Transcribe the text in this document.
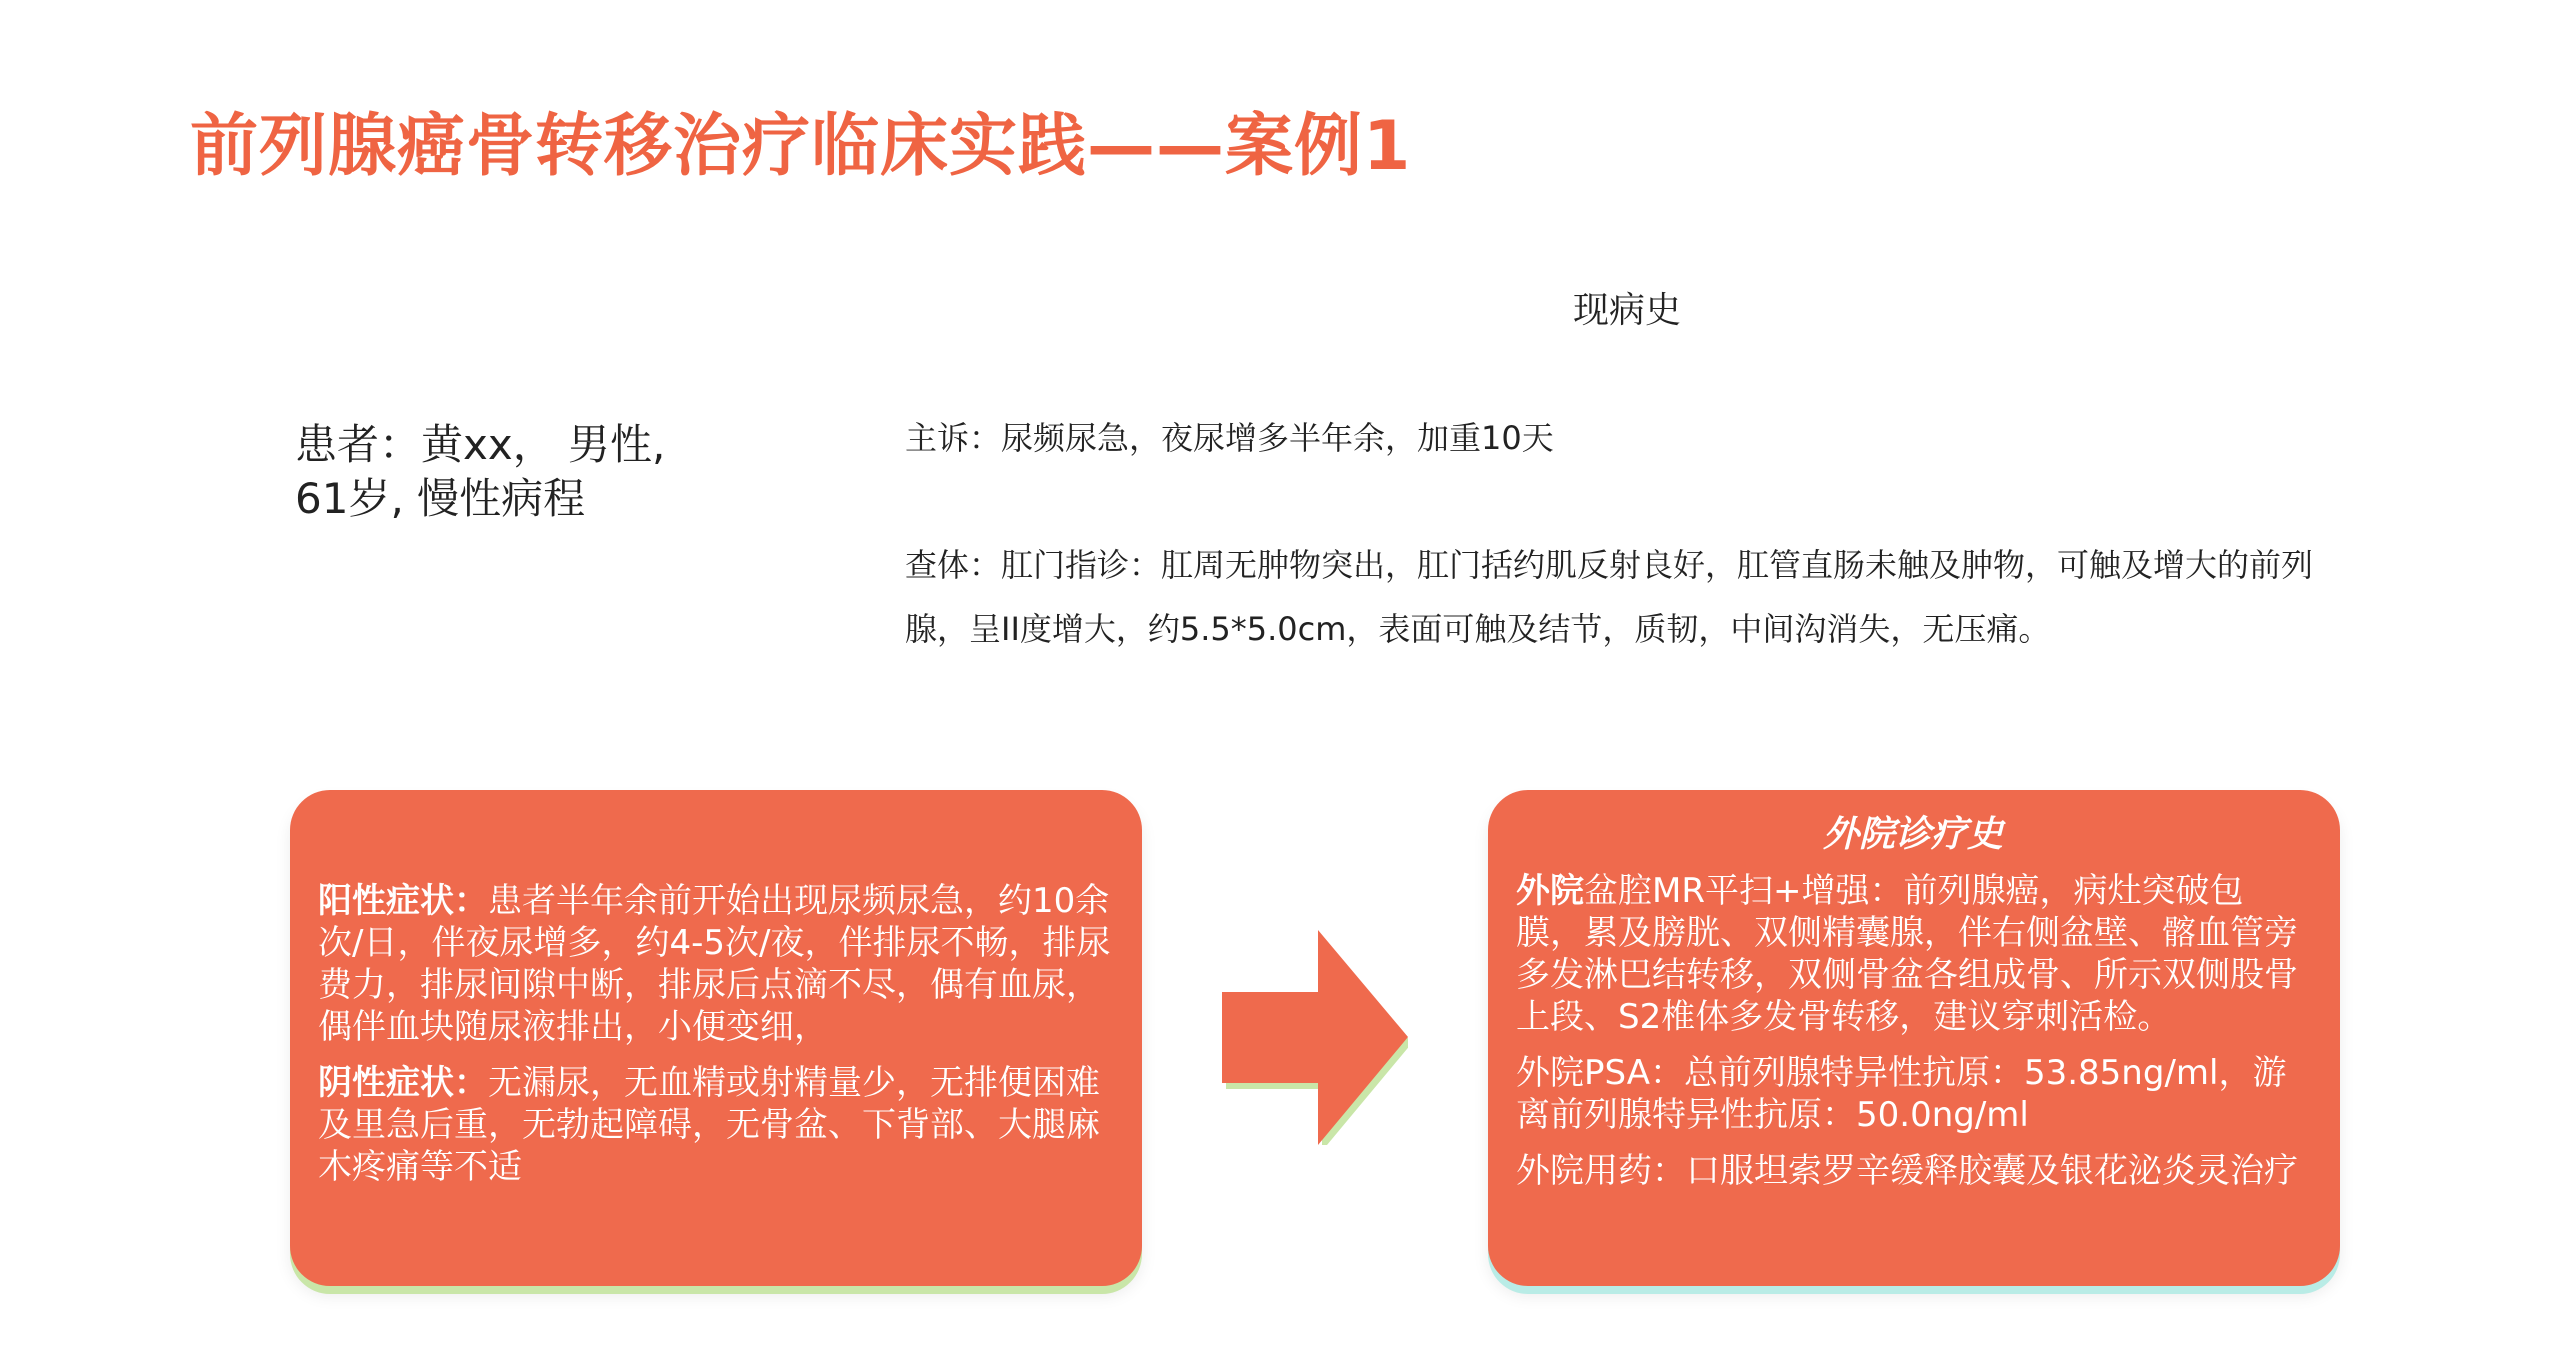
前列腺癌骨转移治疗临床实践——案例1
现病史
患者：黄xx， 男性,
61岁, 慢性病程
主诉：尿频尿急，夜尿增多半年余，加重10天
查体：肛门指诊：肛周无肿物突出，肛门括约肌反射良好，肛管直肠未触及肿物，可触及增大的前列腺，呈II度增大，约5.5*5.0cm，表面可触及结节，质韧，中间沟消失，无压痛。

阳性症状：患者半年余前开始出现尿频尿急，约10余次/日，伴夜尿增多，约4-5次/夜，伴排尿不畅，排尿费力，排尿间隙中断，排尿后点滴不尽，偶有血尿，偶伴血块随尿液排出，小便变细，

阴性症状：无漏尿，无血精或射精量少，无排便困难及里急后重，无勃起障碍，无骨盆、下背部、大腿麻木疼痛等不适

外院诊疗史

外院盆腔MR平扫+增强：前列腺癌，病灶突破包膜，累及膀胱、双侧精囊腺，伴右侧盆壁、髂血管旁多发淋巴结转移，双侧骨盆各组成骨、所示双侧股骨上段、S2椎体多发骨转移，建议穿刺活检。

外院PSA：总前列腺特异性抗原：53.85ng/ml，游离前列腺特异性抗原：50.0ng/ml

外院用药：口服坦索罗辛缓释胶囊及银花泌炎灵治疗
